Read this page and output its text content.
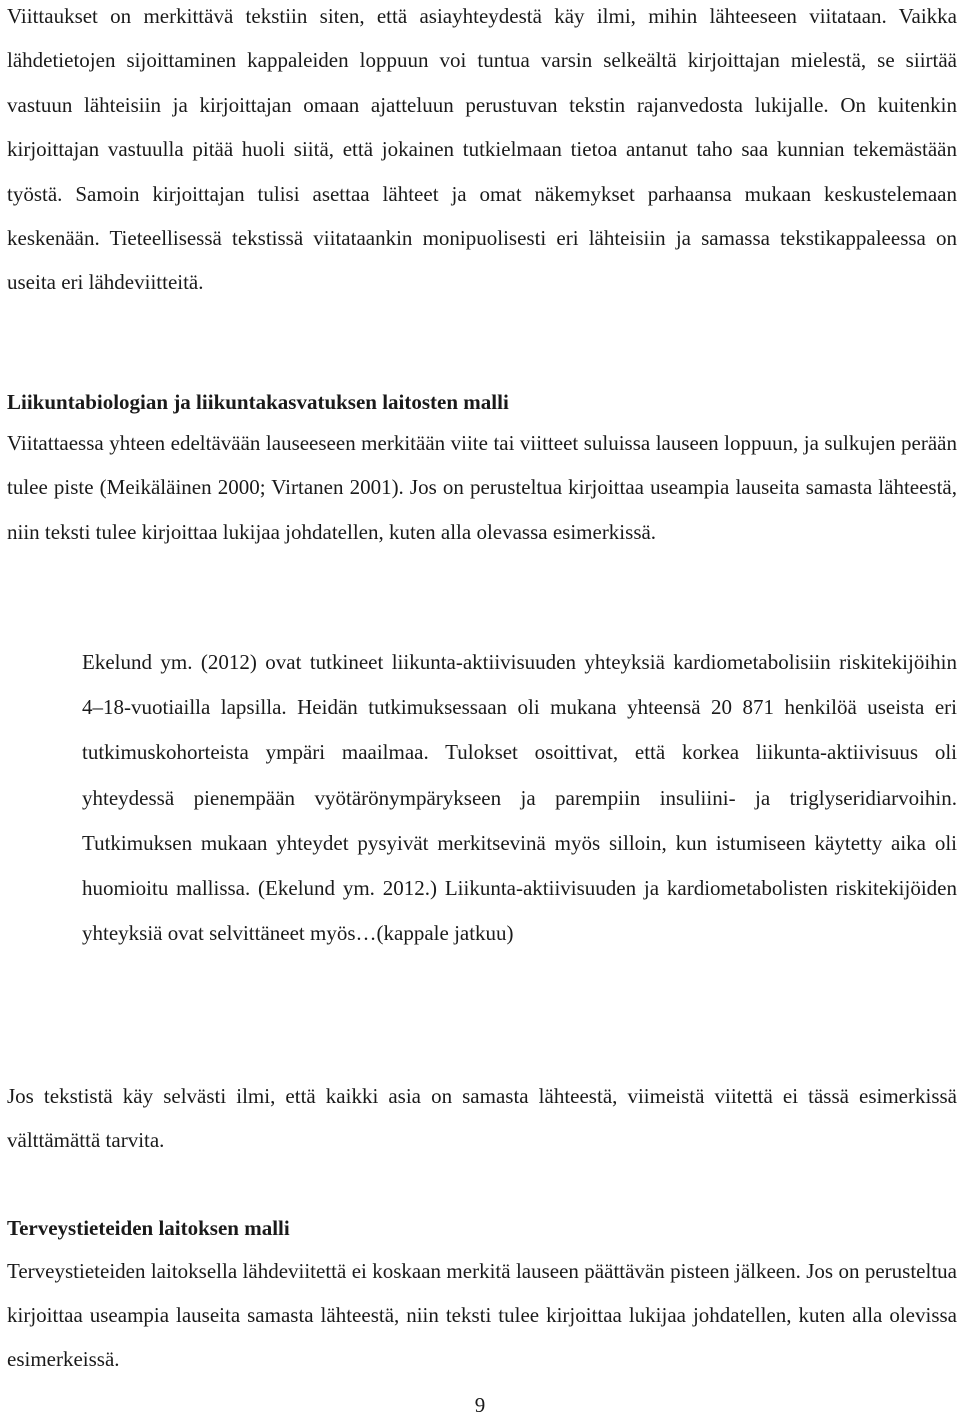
Viittaukset on merkittävä tekstiin siten, että asiayhteydestä käy ilmi, mihin lähteeseen viitataan. Vaikka lähdetietojen sijoittaminen kappaleiden loppuun voi tuntua varsin selkeältä kirjoittajan mielestä, se siirtää vastuun lähteisiin ja kirjoittajan omaan ajatteluun perustuvan tekstin rajanvedosta lukijalle. On kuitenkin kirjoittajan vastuulla pitää huoli siitä, että jokainen tutkielmaan tietoa antanut taho saa kunnian tekemästään työstä. Samoin kirjoittajan tulisi asettaa lähteet ja omat näkemykset parhaansa mukaan keskustelemaan keskenään. Tieteellisessä tekstissä viitataankin monipuolisesti eri lähteisiin ja samassa tekstikappaleessa on useita eri lähdeviitteitä.

Liikuntabiologian ja liikuntakasvatuksen laitosten malli

Viitattaessa yhteen edeltävään lauseeseen merkitään viite tai viitteet suluissa lauseen loppuun, ja sulkujen perään tulee piste (Meikäläinen 2000; Virtanen 2001). Jos on perusteltua kirjoittaa useampia lauseita samasta lähteestä, niin teksti tulee kirjoittaa lukijaa johdatellen, kuten alla olevassa esimerkissä.

Ekelund ym. (2012) ovat tutkineet liikunta-aktiivisuuden yhteyksiä kardiometabolisiin riskitekijöihin 4–18-vuotiailla lapsilla. Heidän tutkimuksessaan oli mukana yhteensä 20 871 henkilöä useista eri tutkimuskohorteista ympäri maailmaa. Tulokset osoittivat, että korkea liikunta-aktiivisuus oli yhteydessä pienempään vyötärönympärykseen ja parempiin insuliini- ja triglyseridiarvoihin. Tutkimuksen mukaan yhteydet pysyivät merkitsevinä myös silloin, kun istumiseen käytetty aika oli huomioitu mallissa. (Ekelund ym. 2012.) Liikunta-aktiivisuuden ja kardiometabolisten riskitekijöiden yhteyksiä ovat selvittäneet myös…(kappale jatkuu)

Jos tekstistä käy selvästi ilmi, että kaikki asia on samasta lähteestä, viimeistä viitettä ei tässä esimerkissä välttämättä tarvita.

Terveystieteiden laitoksen malli

Terveystieteiden laitoksella lähdeviitettä ei koskaan merkitä lauseen päättävän pisteen jälkeen. Jos on perusteltua kirjoittaa useampia lauseita samasta lähteestä, niin teksti tulee kirjoittaa lukijaa johdatellen, kuten alla olevissa esimerkeissä.

9
